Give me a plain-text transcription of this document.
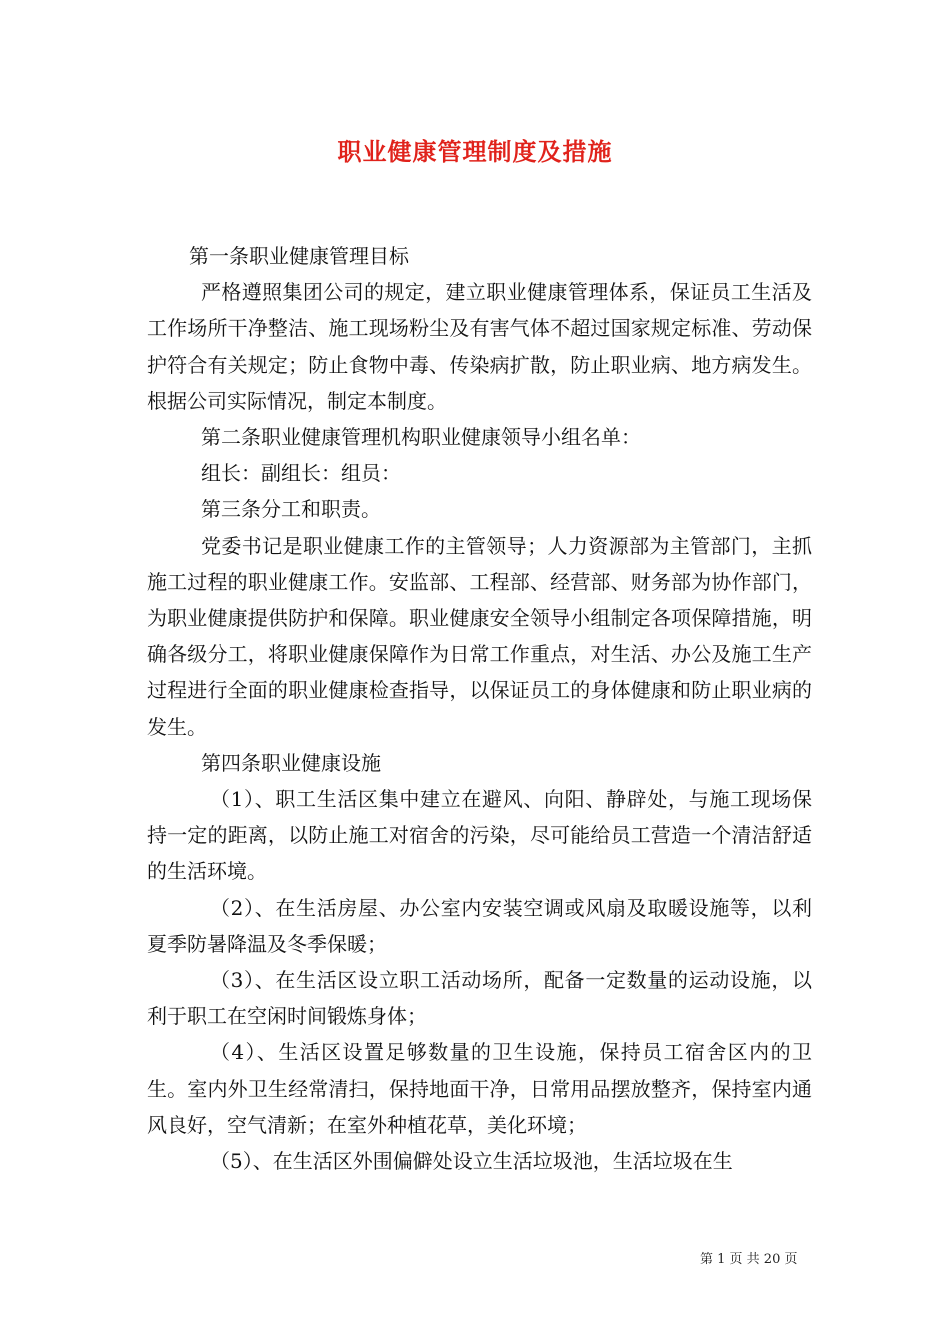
职业健康管理制度及措施

第一条职业健康管理目标

严格遵照集团公司的规定，建立职业健康管理体系，保证员工生活及工作场所干净整洁、施工现场粉尘及有害气体不超过国家规定标准、劳动保护符合有关规定；防止食物中毒、传染病扩散，防止职业病、地方病发生。根据公司实际情况，制定本制度。

第二条职业健康管理机构职业健康领导小组名单：

组长：副组长：组员：

第三条分工和职责。

党委书记是职业健康工作的主管领导；人力资源部为主管部门，主抓施工过程的职业健康工作。安监部、工程部、经营部、财务部为协作部门，为职业健康提供防护和保障。职业健康安全领导小组制定各项保障措施，明确各级分工，将职业健康保障作为日常工作重点，对生活、办公及施工生产过程进行全面的职业健康检查指导，以保证员工的身体健康和防止职业病的发生。

第四条职业健康设施

（1）、职工生活区集中建立在避风、向阳、静辟处，与施工现场保持一定的距离，以防止施工对宿舍的污染，尽可能给员工营造一个清洁舒适的生活环境。

（2）、在生活房屋、办公室内安装空调或风扇及取暖设施等，以利夏季防暑降温及冬季保暖；

（3）、在生活区设立职工活动场所，配备一定数量的运动设施，以利于职工在空闲时间锻炼身体；

（4）、生活区设置足够数量的卫生设施，保持员工宿舍区内的卫生。室内外卫生经常清扫，保持地面干净，日常用品摆放整齐，保持室内通风良好，空气清新；在室外种植花草，美化环境；

（5）、在生活区外围偏僻处设立生活垃圾池，生活垃圾在生

第 1 页 共 20 页
